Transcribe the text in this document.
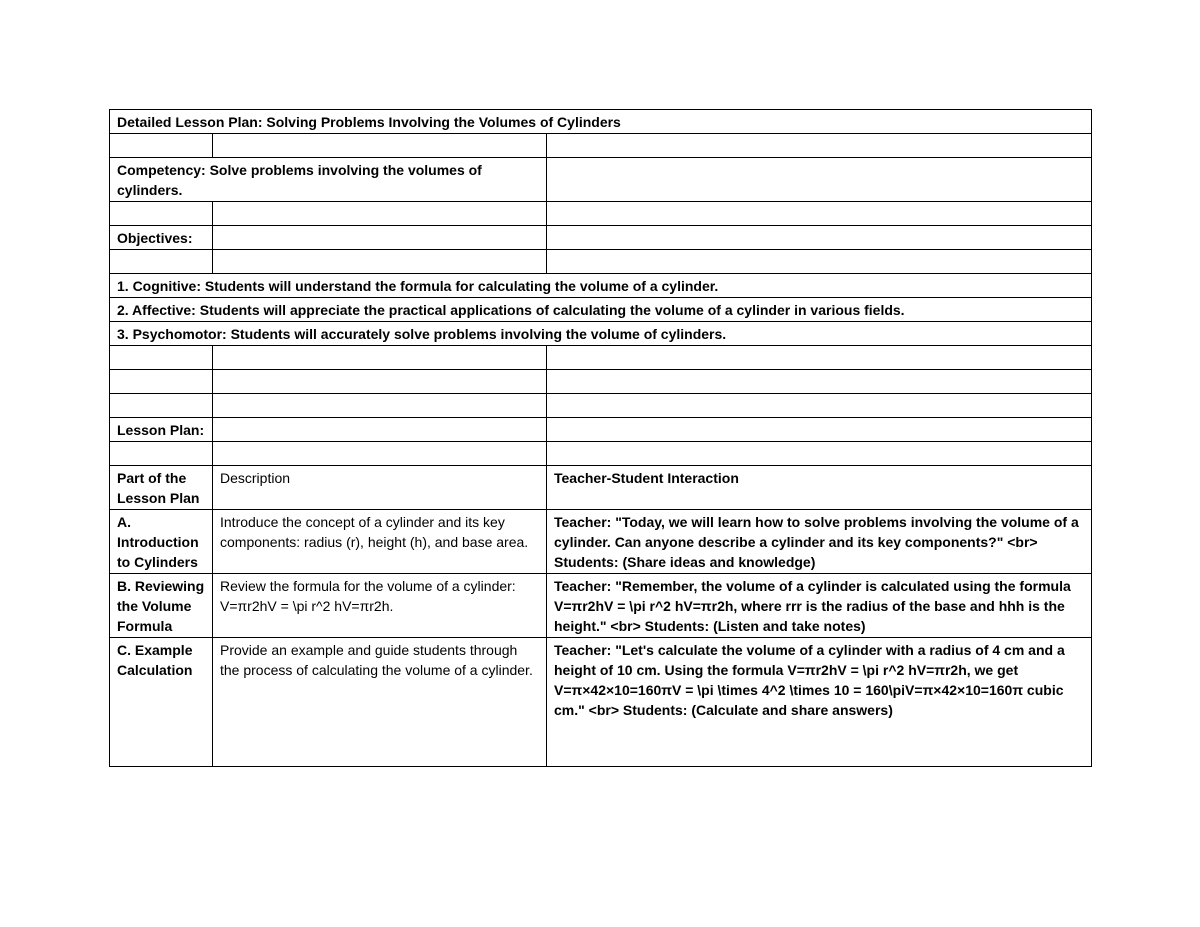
Detailed Lesson Plan: Solving Problems Involving the Volumes of Cylinders		

Competency: Solve problems involving the volumes of cylinders.		

Objectives:		

1. Cognitive: Students will understand the formula for calculating the volume of a cylinder.		
2. Affective: Students will appreciate the practical applications of calculating the volume of a cylinder in various fields.		
3. Psychomotor: Students will accurately solve problems involving the volume of cylinders.		

Lesson Plan:		

Part of the Lesson Plan	Description	Teacher-Student Interaction
A. Introduction to Cylinders	Introduce the concept of a cylinder and its key components: radius (r), height (h), and base area.	Teacher: "Today, we will learn how to solve problems involving the volume of a cylinder. Can anyone describe a cylinder and its key components?" <br> Students: (Share ideas and knowledge)
B. Reviewing the Volume Formula	Review the formula for the volume of a cylinder: V=πr2hV = \pi r^2 hV=πr2h.	Teacher: "Remember, the volume of a cylinder is calculated using the formula V=πr2hV = \pi r^2 hV=πr2h, where rrr is the radius of the base and hhh is the height." <br> Students: (Listen and take notes)
C. Example Calculation	Provide an example and guide students through the process of calculating the volume of a cylinder.	Teacher: "Let's calculate the volume of a cylinder with a radius of 4 cm and a height of 10 cm. Using the formula V=πr2hV = \pi r^2 hV=πr2h, we get V=π×42×10=160πV = \pi \times 4^2 \times 10 = 160\piV=π×42×10=160π cubic cm." <br> Students: (Calculate and share answers)
